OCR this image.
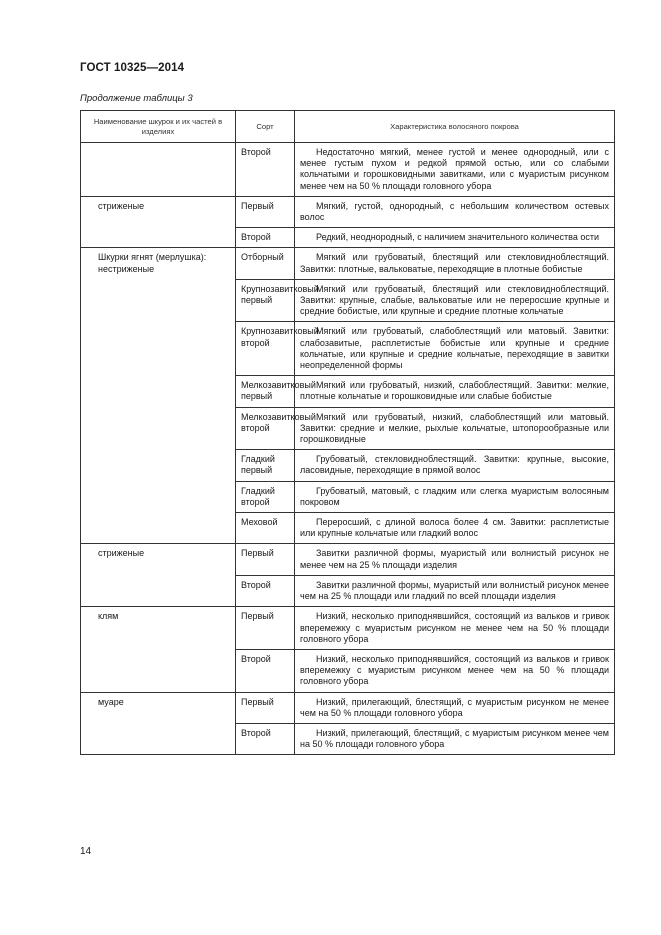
ГОСТ 10325—2014
Продолжение таблицы 3
Наименование шкурок и их частей в изделиях	Сорт	Характеристика волосяного покрова
	Второй	Недостаточно мягкий, менее густой и менее однородный, или с менее густым пухом и редкой прямой остью, или со слабыми кольчатыми и горошковидными завитками, или с муаристым рисунком менее чем на 50 % площади головного убора
стриженые	Первый	Мягкий, густой, однородный, с небольшим количеством остевых волос
	Второй	Редкий, неоднородный, с наличием значительного количества ости
Шкурки ягнят (мерлушка): нестриженые	Отборный	Мягкий или грубоватый, блестящий или стекловиднoблестящий. Завитки: плотные, вальковатые, переходящие в плотные бобистые
	Крупнозавитковый первый	Мягкий или грубоватый, блестящий или стекловиднoблестящий. Завитки: крупные, слабые, вальковатые или не переросшие крупные и средние бобистые, или крупные и средние плотные кольчатые
	Крупнозавитковый второй	Мягкий или грубоватый, слабоблестящий или матовый. Завитки: слабозавитые, расплетистые бобистые или крупные и средние кольчатые, или крупные и средние кольчатые, переходящие в завитки неопределенной формы
	Мелкозавитковый первый	Мягкий или грубоватый, низкий, слабоблестящий. Завитки: мелкие, плотные кольчатые и горошковидные или слабые бобистые
	Мелкозавитковый второй	Мягкий или грубоватый, низкий, слабоблестящий или матовый. Завитки: средние и мелкие, рыхлые кольчатые, штопорообразные или горошковидные
	Гладкий первый	Грубоватый, стекловиднoблестящий. Завитки: крупные, высокие, ласовидные, переходящие в прямой волос
	Гладкий второй	Грубоватый, матовый, с гладким или слегка муаристым волосяным покровом
	Меховой	Переросший, с длиной волоса более 4 см. Завитки: расплетистые или крупные кольчатые или гладкий волос
стриженые	Первый	Завитки различной формы, муаристый или волнистый рисунок не менее чем на 25 % площади изделия
	Второй	Завитки различной формы, муаристый или волнистый рисунок менее чем на 25 % площади или гладкий по всей площади изделия
клям	Первый	Низкий, несколько приподнявшийся, состоящий из вальков и гривок вперемежку с муаристым рисунком не менее чем на 50 % площади головного убора
	Второй	Низкий, несколько приподнявшийся, состоящий из вальков и гривок вперемежку с муаристым рисунком менее чем на 50 % площади головного убора
муаре	Первый	Низкий, прилегающий, блестящий, с муаристым рисунком не менее чем на 50 % площади головного убора
	Второй	Низкий, прилегающий, блестящий, с муаристым рисунком менее чем на 50 % площади головного убора
14
